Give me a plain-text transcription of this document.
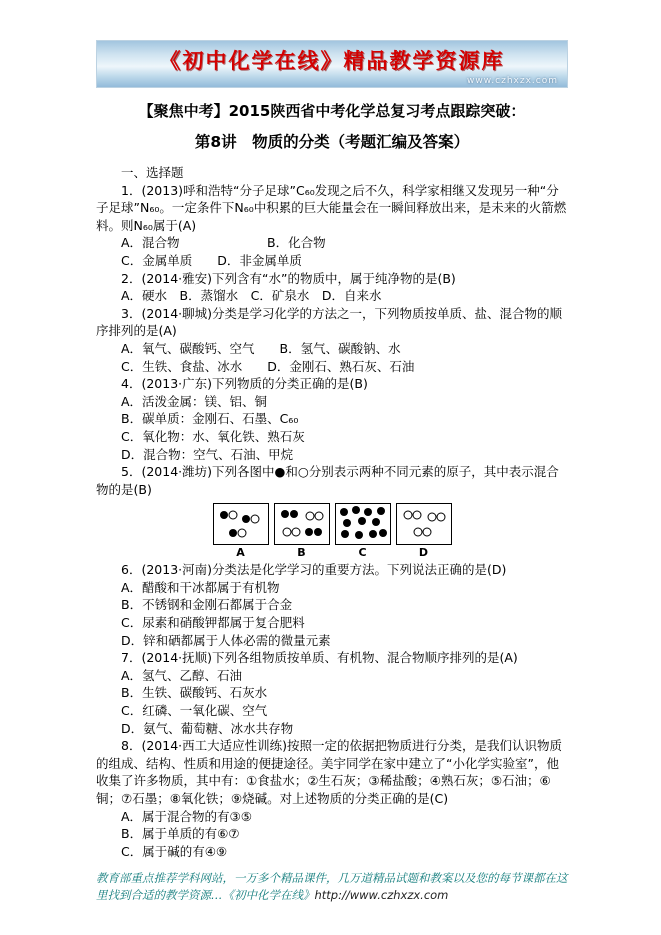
《初中化学在线》精品教学资源库
www.czhxzx.com
【聚焦中考】2015陕西省中考化学总复习考点跟踪突破：
第8讲　物质的分类（考题汇编及答案）

一、选择题

1．(2013)呼和浩特“分子足球”C₆₀发现之后不久，科学家相继又发现另一种“分子足球”N₆₀。一定条件下N₆₀中积累的巨大能量会在一瞬间释放出来，是未来的火箭燃料。则N₆₀属于(A)

A．混合物　　　　　　　B．化合物

C．金属单质　　D．非金属单质

2．(2014·雅安)下列含有“水”的物质中，属于纯净物的是(B)

A．硬水　B．蒸馏水　C．矿泉水　D．自来水

3．(2014·聊城)分类是学习化学的方法之一，下列物质按单质、盐、混合物的顺序排列的是(A)

A．氧气、碳酸钙、空气　　B．氢气、碳酸钠、水

C．生铁、食盐、冰水　　D．金刚石、熟石灰、石油

4．(2013·广东)下列物质的分类正确的是(B)

A．活泼金属：镁、铝、铜

B．碳单质：金刚石、石墨、C₆₀

C．氧化物：水、氧化铁、熟石灰

D．混合物：空气、石油、甲烷

5．(2014·潍坊)下列各图中●和○分别表示两种不同元素的原子，其中表示混合物的是(B)

A	B	C	D

6．(2013·河南)分类法是化学学习的重要方法。下列说法正确的是(D)

A．醋酸和干冰都属于有机物

B．不锈钢和金刚石都属于合金

C．尿素和硝酸钾都属于复合肥料

D．锌和硒都属于人体必需的微量元素

7．(2014·抚顺)下列各组物质按单质、有机物、混合物顺序排列的是(A)

A．氢气、乙醇、石油

B．生铁、碳酸钙、石灰水

C．红磷、一氧化碳、空气

D．氨气、葡萄糖、冰水共存物

8．(2014·西工大适应性训练)按照一定的依据把物质进行分类，是我们认识物质的组成、结构、性质和用途的便捷途径。美宇同学在家中建立了“小化学实验室”，他收集了许多物质，其中有：①食盐水；②生石灰；③稀盐酸；④熟石灰；⑤石油；⑥铜；⑦石墨；⑧氧化铁；⑨烧碱。对上述物质的分类正确的是(C)

A．属于混合物的有③⑤

B．属于单质的有⑥⑦

C．属于碱的有④⑨

教育部重点推荐学科网站，一万多个精品课件，几万道精品试题和教案以及您的每节课都在这里找到合适的教学资源…《初中化学在线》http://www.czhxzx.com
